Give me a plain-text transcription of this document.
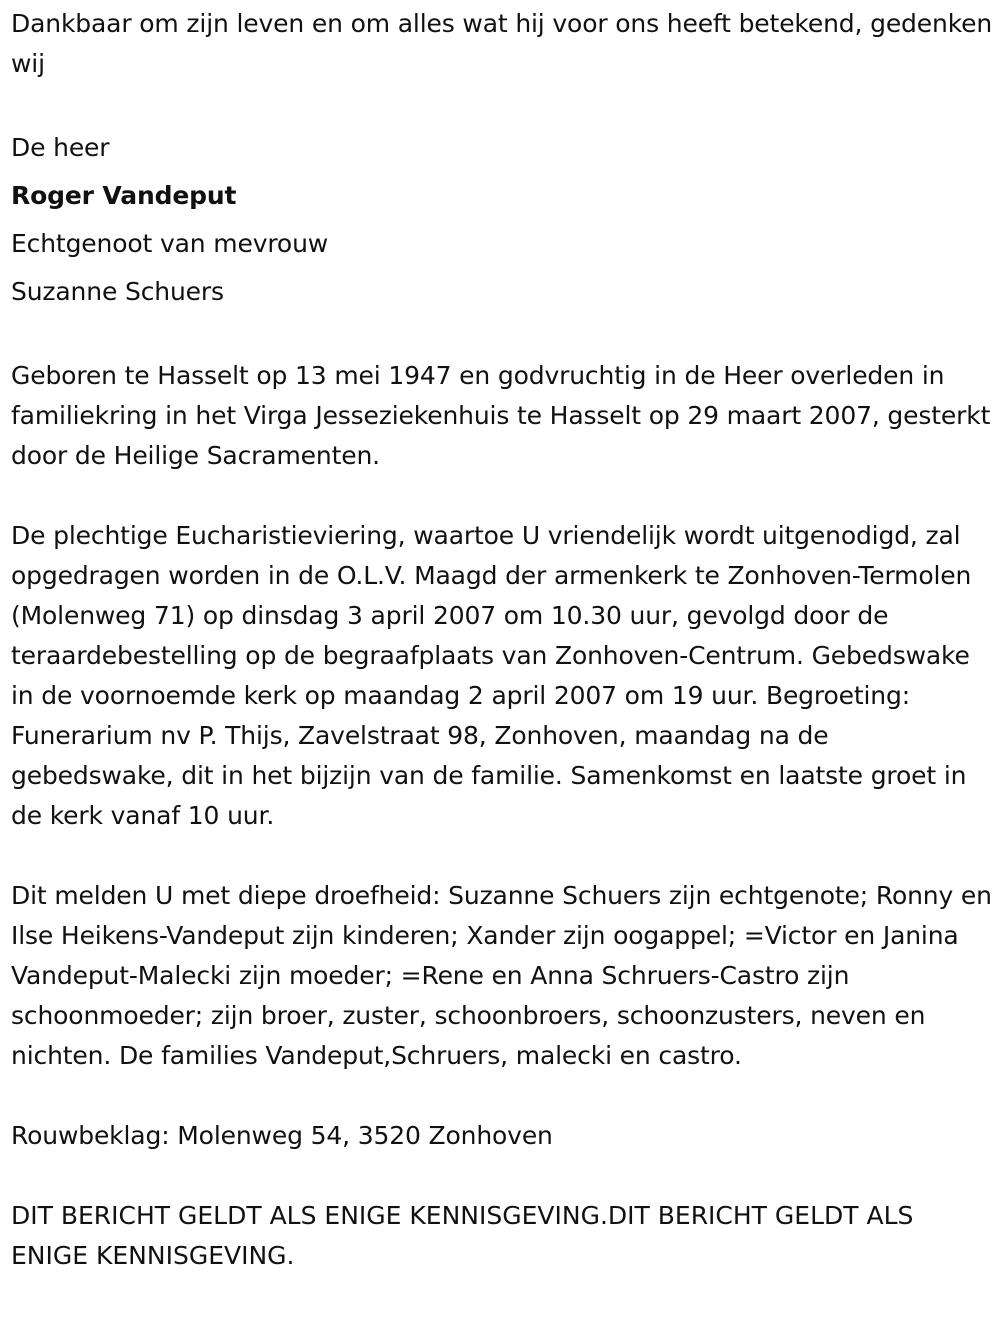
Dankbaar om zijn leven en om alles wat hij voor ons heeft betekend, gedenken wij

De heer
Roger Vandeput
Echtgenoot van mevrouw
Suzanne Schuers

Geboren te Hasselt op 13 mei 1947 en godvruchtig in de Heer overleden in familiekring in het Virga Jesseziekenhuis te Hasselt op 29 maart 2007, gesterkt door de Heilige Sacramenten.

De plechtige Eucharistieviering, waartoe U vriendelijk wordt uitgenodigd, zal opgedragen worden in de O.L.V. Maagd der armenkerk te Zonhoven-Termolen (Molenweg 71) op dinsdag 3 april 2007 om 10.30 uur, gevolgd door de teraardebestelling op de begraafplaats van Zonhoven-Centrum. Gebedswake in de voornoemde kerk op maandag 2 april 2007 om 19 uur. Begroeting: Funerarium nv P. Thijs, Zavelstraat 98, Zonhoven, maandag na de gebedswake, dit in het bijzijn van de familie. Samenkomst en laatste groet in de kerk vanaf 10 uur.

Dit melden U met diepe droefheid: Suzanne Schuers zijn echtgenote; Ronny en Ilse Heikens-Vandeput zijn kinderen; Xander zijn oogappel; =Victor en Janina Vandeput-Malecki zijn moeder; =Rene en Anna Schruers-Castro zijn schoonmoeder; zijn broer, zuster, schoonbroers, schoonzusters, neven en nichten. De families Vandeput,Schruers, malecki en castro.

Rouwbeklag: Molenweg 54, 3520 Zonhoven

DIT BERICHT GELDT ALS ENIGE KENNISGEVING.DIT BERICHT GELDT ALS ENIGE KENNISGEVING.
